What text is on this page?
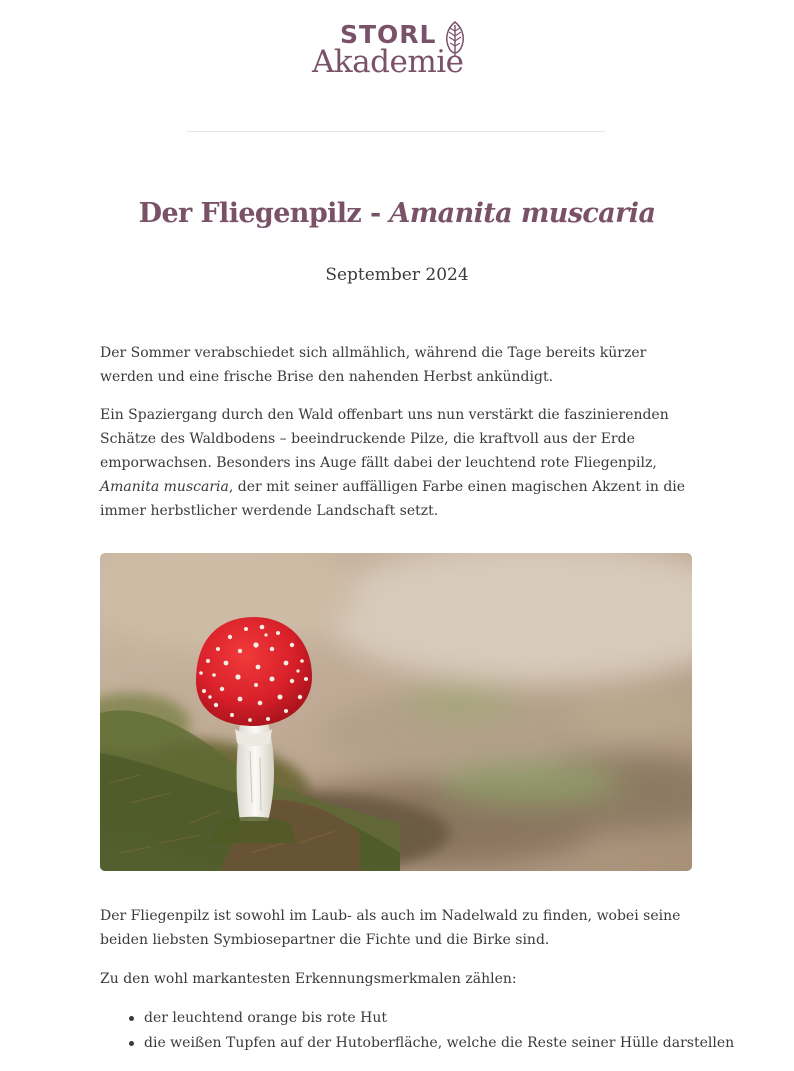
STORL
Akademie
Der Fliegenpilz - Amanita muscaria

September 2024

Der Sommer verabschiedet sich allmählich, während die Tage bereits kürzer werden und eine frische Brise den nahenden Herbst ankündigt.

Ein Spaziergang durch den Wald offenbart uns nun verstärkt die faszinierenden Schätze des Waldbodens – beeindruckende Pilze, die kraftvoll aus der Erde emporwachsen. Besonders ins Auge fällt dabei der leuchtend rote Fliegenpilz, Amanita muscaria, der mit seiner auffälligen Farbe einen magischen Akzent in die immer herbstlicher werdende Landschaft setzt.

Der Fliegenpilz ist sowohl im Laub- als auch im Nadelwald zu finden, wobei seine beiden liebsten Symbiosepartner die Fichte und die Birke sind.

Zu den wohl markantesten Erkennungsmerkmalen zählen:

der leuchtend orange bis rote Hut
die weißen Tupfen auf der Hutoberfläche, welche die Reste seiner Hülle darstellen
